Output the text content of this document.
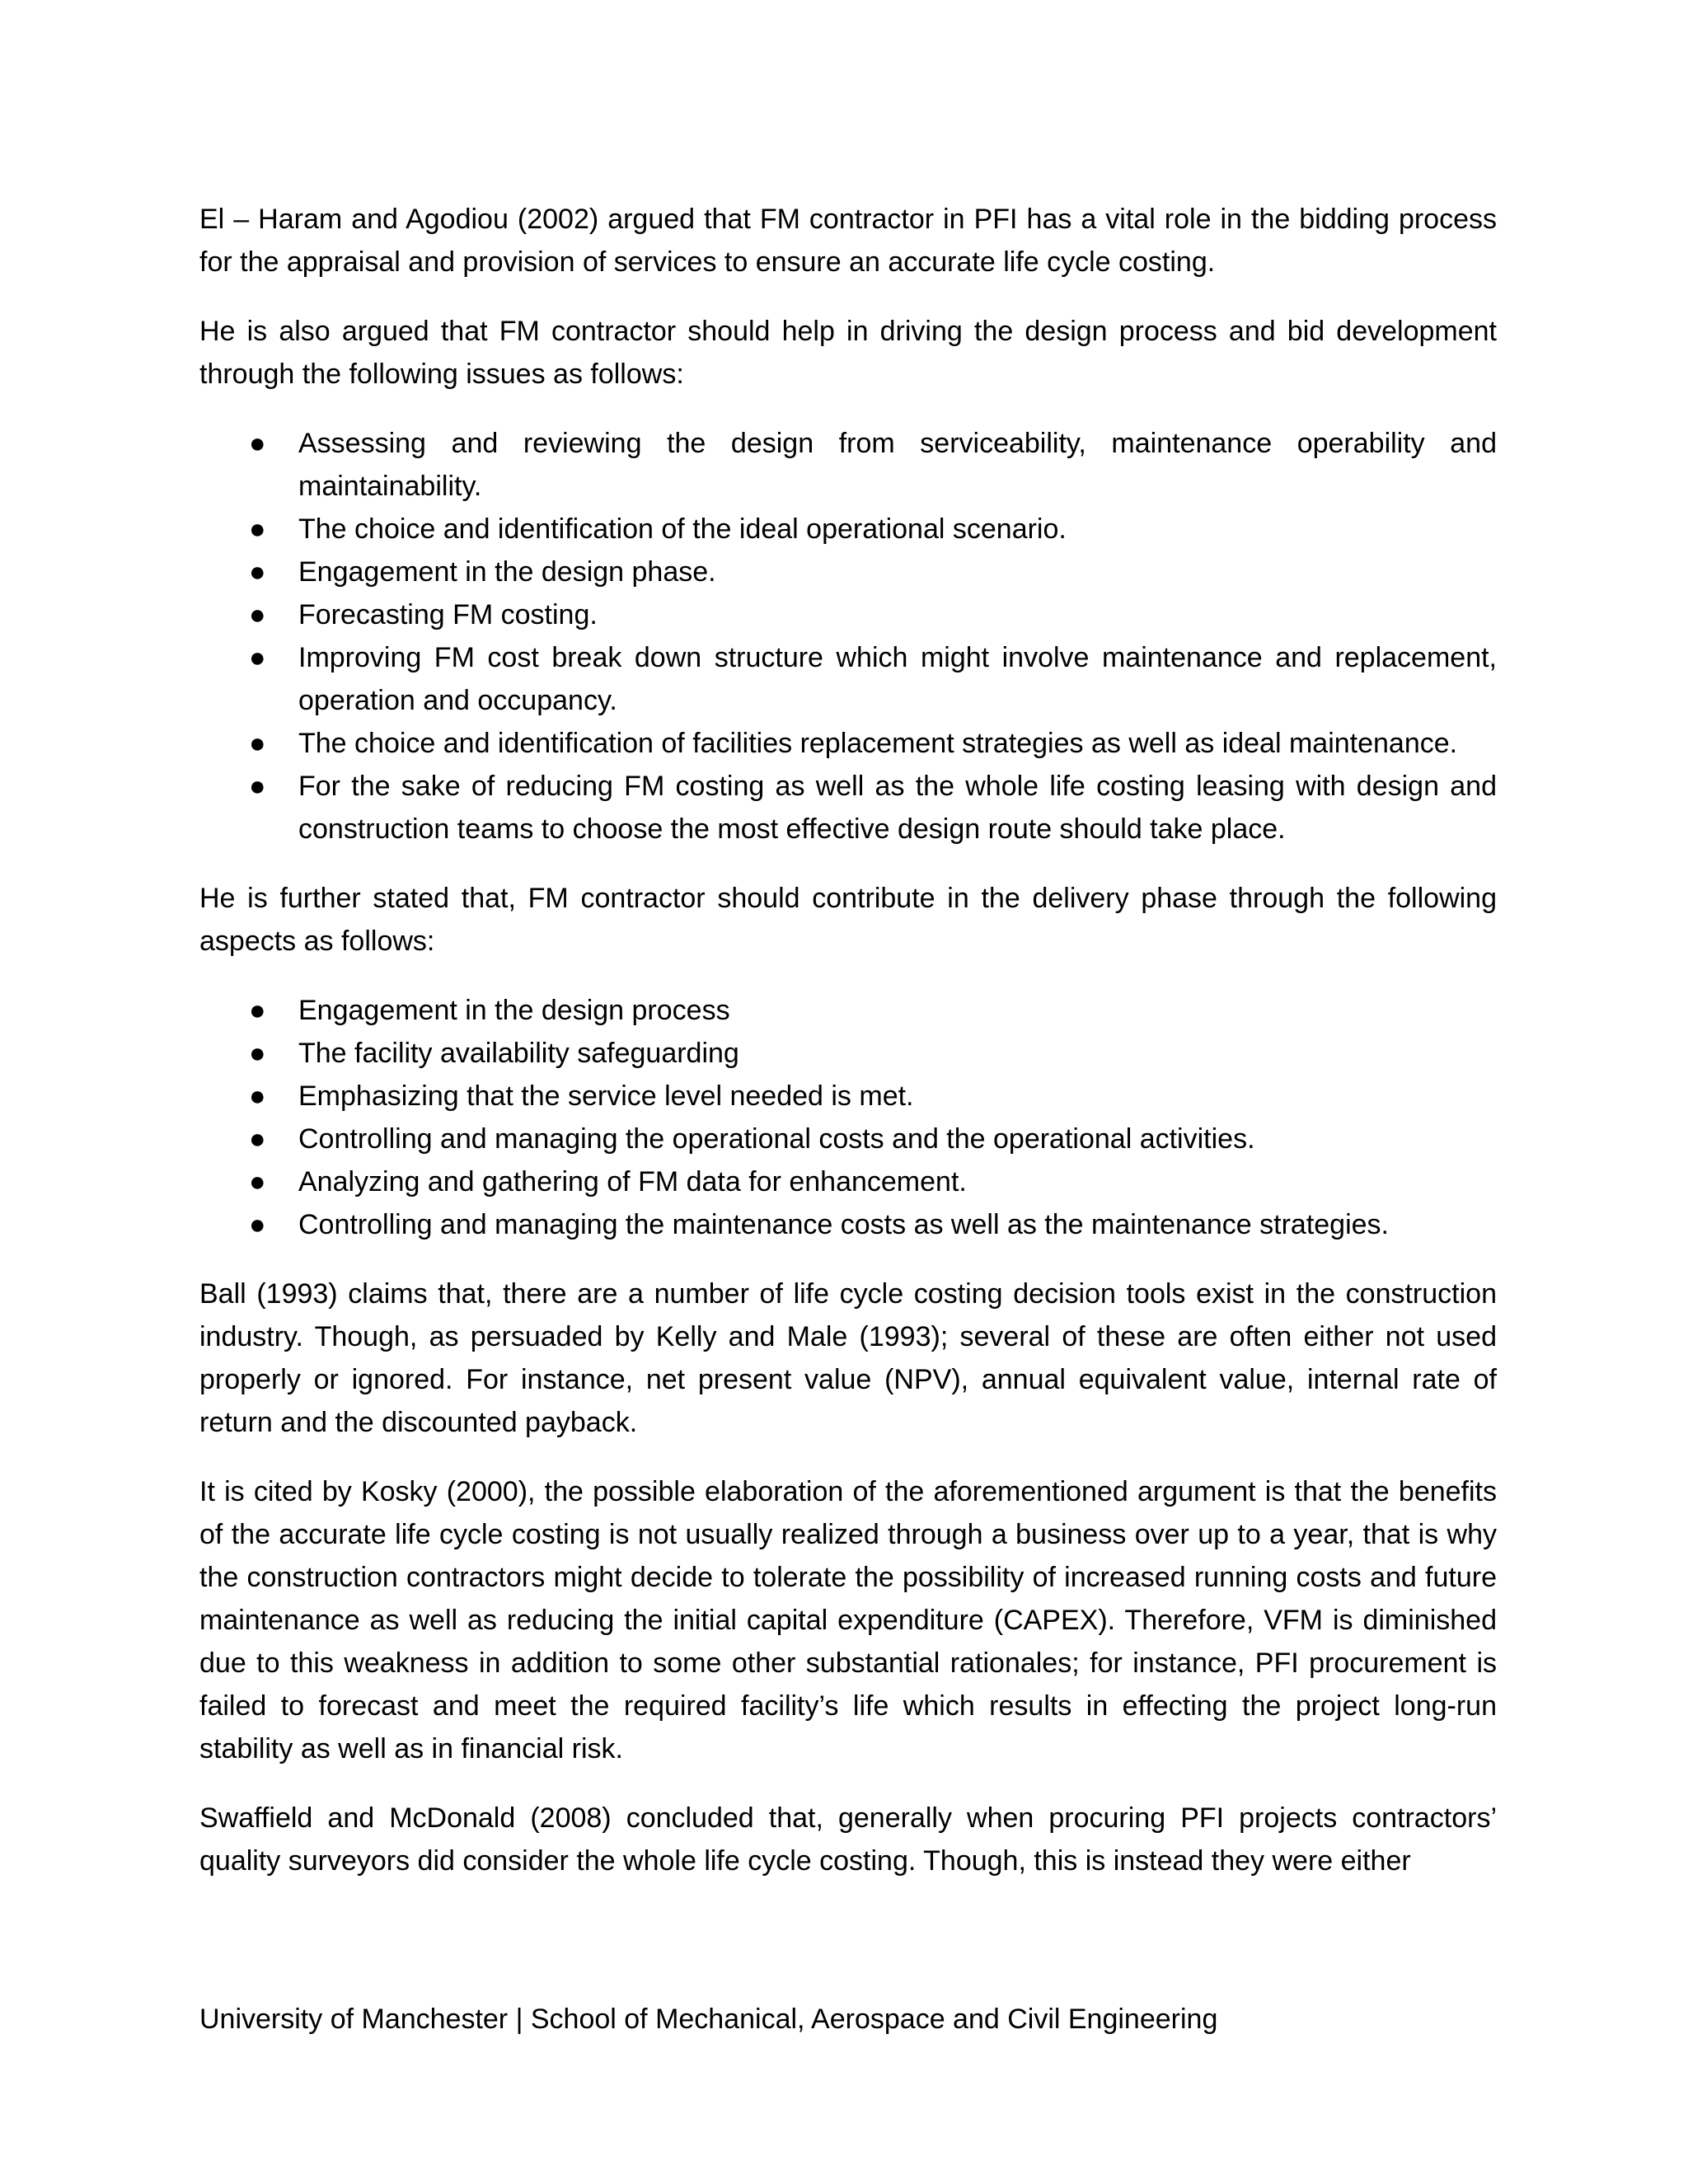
El – Haram and Agodiou (2002) argued that FM contractor in PFI has a vital role in the bidding process for the appraisal and provision of services to ensure an accurate life cycle costing.

He is also argued that FM contractor should help in driving the design process and bid development through the following issues as follows:

● Assessing and reviewing the design from serviceability, maintenance operability and maintainability.
● The choice and identification of the ideal operational scenario.
● Engagement in the design phase.
● Forecasting FM costing.
● Improving FM cost break down structure which might involve maintenance and replacement, operation and occupancy.
● The choice and identification of facilities replacement strategies as well as ideal maintenance.
● For the sake of reducing FM costing as well as the whole life costing leasing with design and construction teams to choose the most effective design route should take place.

He is further stated that, FM contractor should contribute in the delivery phase through the following aspects as follows:

● Engagement in the design process
● The facility availability safeguarding
● Emphasizing that the service level needed is met.
● Controlling and managing the operational costs and the operational activities.
● Analyzing and gathering of FM data for enhancement.
● Controlling and managing the maintenance costs as well as the maintenance strategies.

Ball (1993) claims that, there are a number of life cycle costing decision tools exist in the construction industry. Though, as persuaded by Kelly and Male (1993); several of these are often either not used properly or ignored. For instance, net present value (NPV), annual equivalent value, internal rate of return and the discounted payback.

It is cited by Kosky (2000), the possible elaboration of the aforementioned argument is that the benefits of the accurate life cycle costing is not usually realized through a business over up to a year, that is why the construction contractors might decide to tolerate the possibility of increased running costs and future maintenance as well as reducing the initial capital expenditure (CAPEX). Therefore, VFM is diminished due to this weakness in addition to some other substantial rationales; for instance, PFI procurement is failed to forecast and meet the required facility’s life which results in effecting the project long-run stability as well as in financial risk.

Swaffield and McDonald (2008) concluded that, generally when procuring PFI projects contractors’ quality surveyors did consider the whole life cycle costing. Though, this is instead they were either

University of Manchester | School of Mechanical, Aerospace and Civil Engineering
